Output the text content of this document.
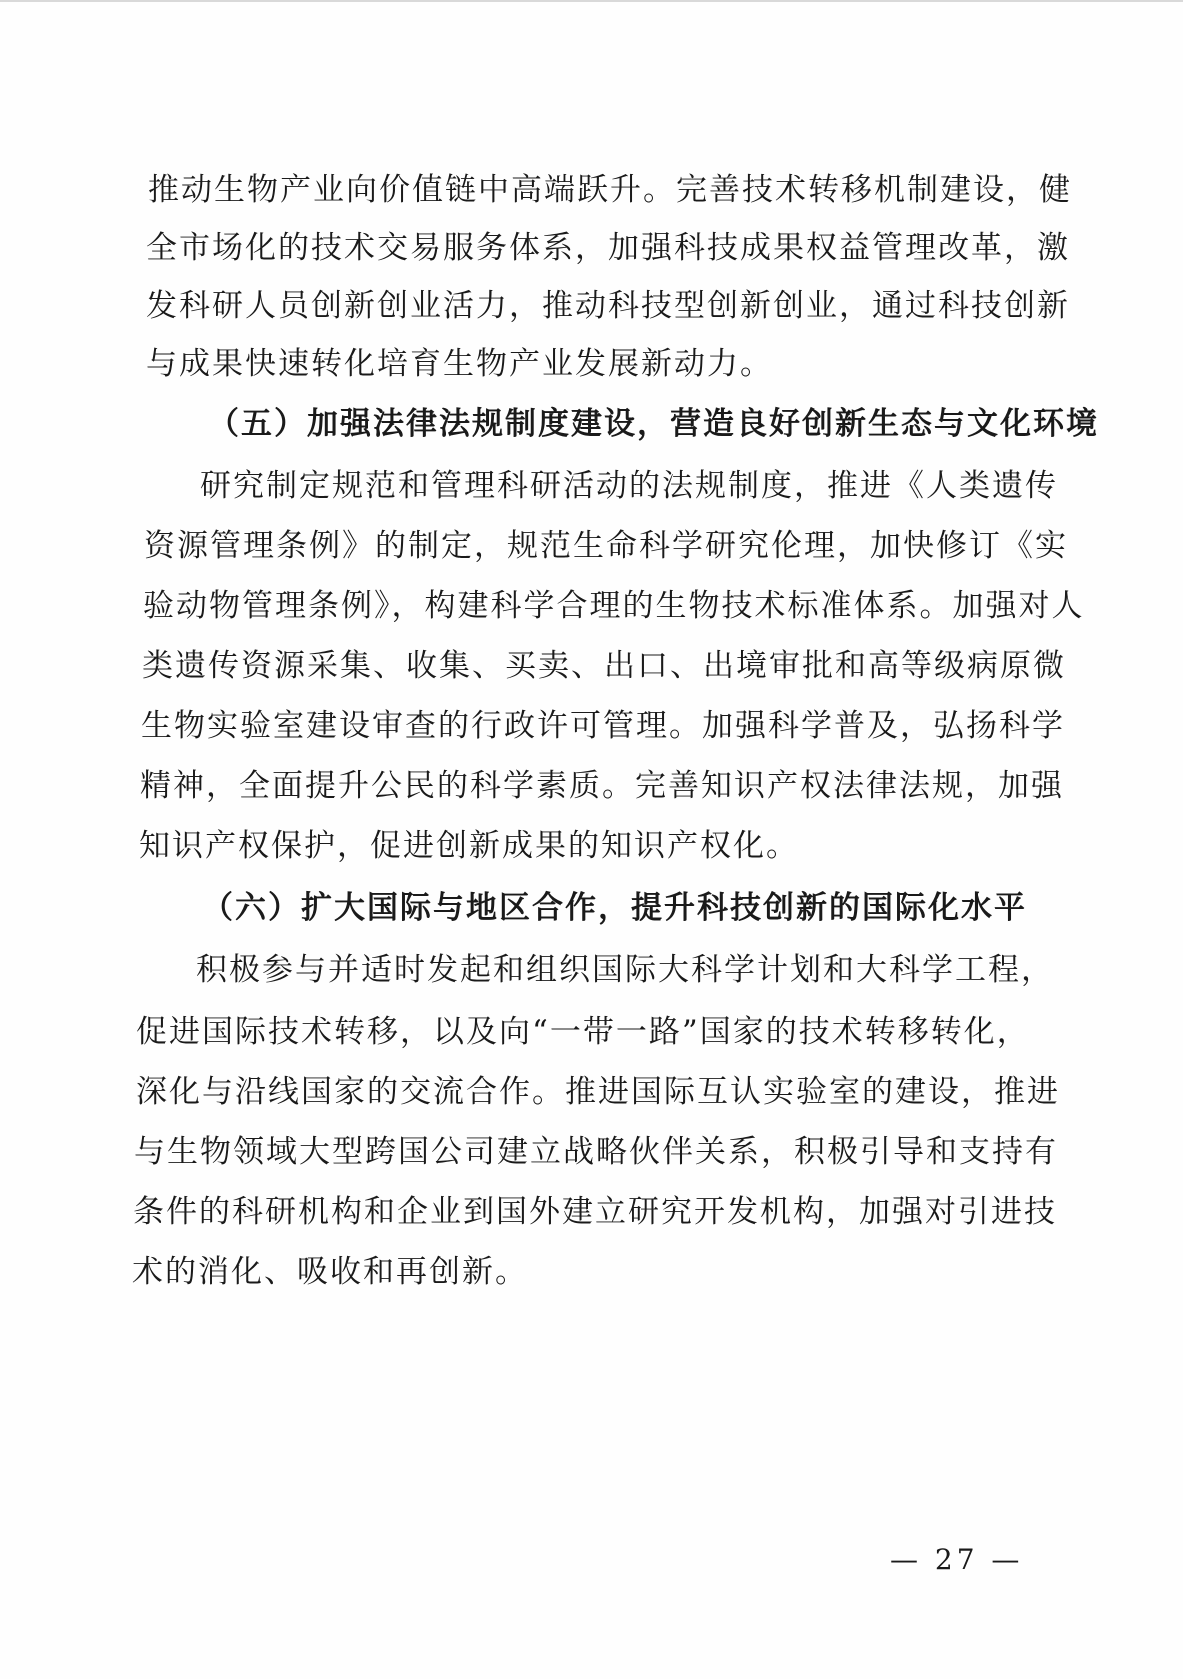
推动生物产业向价值链中高端跃升。完善技术转移机制建设，健
全市场化的技术交易服务体系，加强科技成果权益管理改革，激
发科研人员创新创业活力，推动科技型创新创业，通过科技创新
与成果快速转化培育生物产业发展新动力。
（五）加强法律法规制度建设，营造良好创新生态与文化环境
研究制定规范和管理科研活动的法规制度，推进《人类遗传
资源管理条例》的制定，规范生命科学研究伦理，加快修订《实
验动物管理条例》，构建科学合理的生物技术标准体系。加强对人
类遗传资源采集、收集、买卖、出口、出境审批和高等级病原微
生物实验室建设审查的行政许可管理。加强科学普及，弘扬科学
精神，全面提升公民的科学素质。完善知识产权法律法规，加强
知识产权保护，促进创新成果的知识产权化。
（六）扩大国际与地区合作，提升科技创新的国际化水平
积极参与并适时发起和组织国际大科学计划和大科学工程，
促进国际技术转移，以及向“一带一路”国家的技术转移转化，
深化与沿线国家的交流合作。推进国际互认实验室的建设，推进
与生物领域大型跨国公司建立战略伙伴关系，积极引导和支持有
条件的科研机构和企业到国外建立研究开发机构，加强对引进技
术的消化、吸收和再创新。
— 27 —
